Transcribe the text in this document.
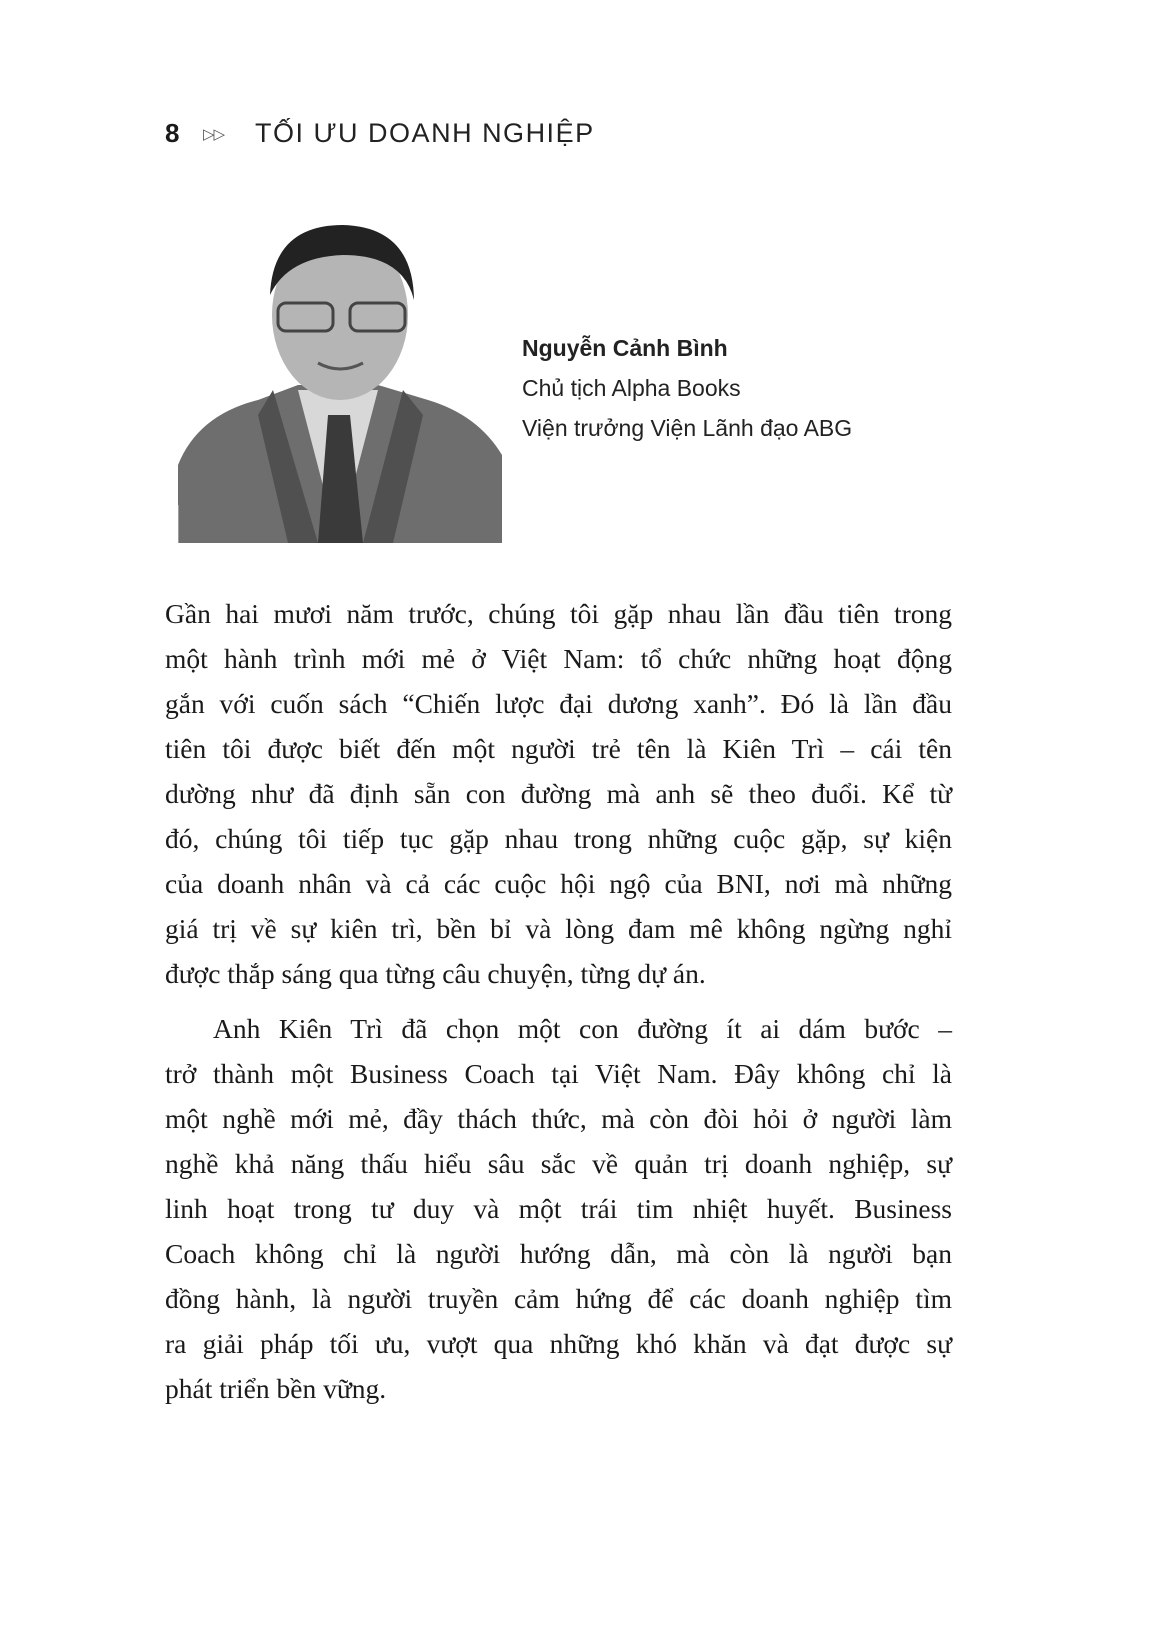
8	▷▷	TỐI ƯU DOANH NGHIỆP
Nguyễn Cảnh Bình
Chủ tịch Alpha Books
Viện trưởng Viện Lãnh đạo ABG
Gần hai mươi năm trước, chúng tôi gặp nhau lần đầu tiên trong
một hành trình mới mẻ ở Việt Nam: tổ chức những hoạt động
gắn với cuốn sách “Chiến lược đại dương xanh”. Đó là lần đầu
tiên tôi được biết đến một người trẻ tên là Kiên Trì – cái tên
dường như đã định sẵn con đường mà anh sẽ theo đuổi. Kể từ
đó, chúng tôi tiếp tục gặp nhau trong những cuộc gặp, sự kiện
của doanh nhân và cả các cuộc hội ngộ của BNI, nơi mà những
giá trị về sự kiên trì, bền bỉ và lòng đam mê không ngừng nghỉ
được thắp sáng qua từng câu chuyện, từng dự án.
Anh Kiên Trì đã chọn một con đường ít ai dám bước –
trở thành một Business Coach tại Việt Nam. Đây không chỉ là
một nghề mới mẻ, đầy thách thức, mà còn đòi hỏi ở người làm
nghề khả năng thấu hiểu sâu sắc về quản trị doanh nghiệp, sự
linh hoạt trong tư duy và một trái tim nhiệt huyết. Business
Coach không chỉ là người hướng dẫn, mà còn là người bạn
đồng hành, là người truyền cảm hứng để các doanh nghiệp tìm
ra giải pháp tối ưu, vượt qua những khó khăn và đạt được sự
phát triển bền vững.
